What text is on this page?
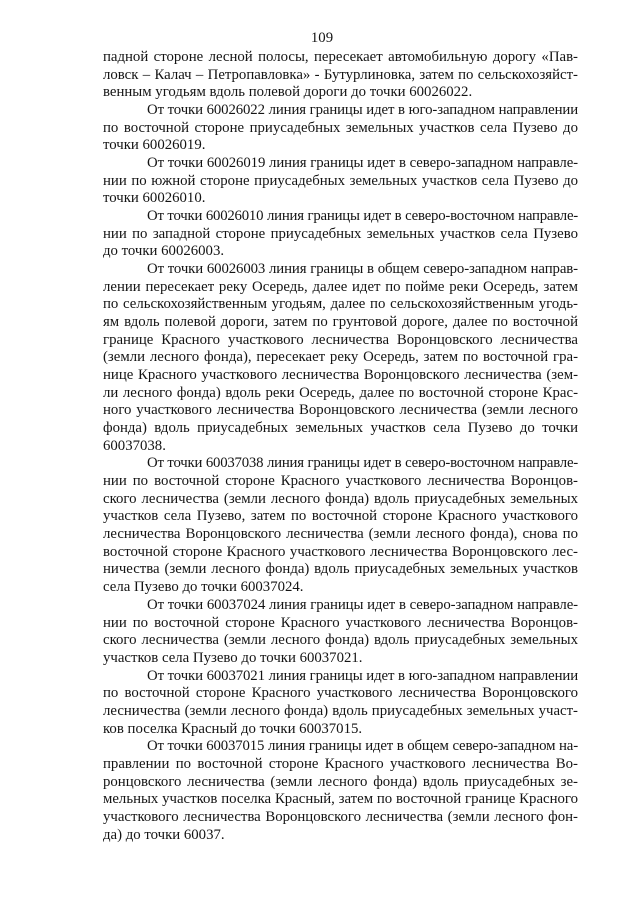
109
падной стороне лесной полосы, пересекает автомобильную дорогу «Пав-
ловск – Калач – Петропавловка» - Бутурлиновка, затем по сельскохозяйст-
венным угодьям вдоль полевой дороги до точки 60026022.
От точки 60026022 линия границы идет в юго-западном направлении
по восточной стороне приусадебных земельных участков села Пузево до
точки 60026019.
От точки 60026019 линия границы идет в северо-западном направле-
нии по южной стороне приусадебных земельных участков села Пузево до
точки 60026010.
От точки 60026010 линия границы идет в северо-восточном направле-
нии по западной стороне приусадебных земельных участков села Пузево
до точки 60026003.
От точки 60026003 линия границы в общем северо-западном направ-
лении пересекает реку Осередь, далее идет по пойме реки Осередь, затем
по сельскохозяйственным угодьям, далее по сельскохозяйственным угодь-
ям вдоль полевой дороги, затем по грунтовой дороге, далее по восточной
границе Красного участкового лесничества Воронцовского лесничества
(земли лесного фонда), пересекает реку Осередь, затем по восточной гра-
нице Красного участкового лесничества Воронцовского лесничества (зем-
ли лесного фонда) вдоль реки Осередь, далее по восточной стороне Крас-
ного участкового лесничества Воронцовского лесничества (земли лесного
фонда) вдоль приусадебных земельных участков села Пузево до точки
60037038.
От точки 60037038 линия границы идет в северо-восточном направле-
нии по восточной стороне Красного участкового лесничества Воронцов-
ского лесничества (земли лесного фонда) вдоль приусадебных земельных
участков села Пузево, затем по восточной стороне Красного участкового
лесничества Воронцовского лесничества (земли лесного фонда), снова по
восточной стороне Красного участкового лесничества Воронцовского лес-
ничества (земли лесного фонда) вдоль приусадебных земельных участков
села Пузево до точки 60037024.
От точки 60037024 линия границы идет в северо-западном направле-
нии по восточной стороне Красного участкового лесничества Воронцов-
ского лесничества (земли лесного фонда) вдоль приусадебных земельных
участков села Пузево до точки 60037021.
От точки 60037021 линия границы идет в юго-западном направлении
по восточной стороне Красного участкового лесничества Воронцовского
лесничества (земли лесного фонда) вдоль приусадебных земельных участ-
ков поселка Красный до точки 60037015.
От точки 60037015 линия границы идет в общем северо-западном на-
правлении по восточной стороне Красного участкового лесничества Во-
ронцовского лесничества (земли лесного фонда) вдоль приусадебных зе-
мельных участков поселка Красный, затем по восточной границе Красного
участкового лесничества Воронцовского лесничества (земли лесного фон-
да) до точки 60037.
